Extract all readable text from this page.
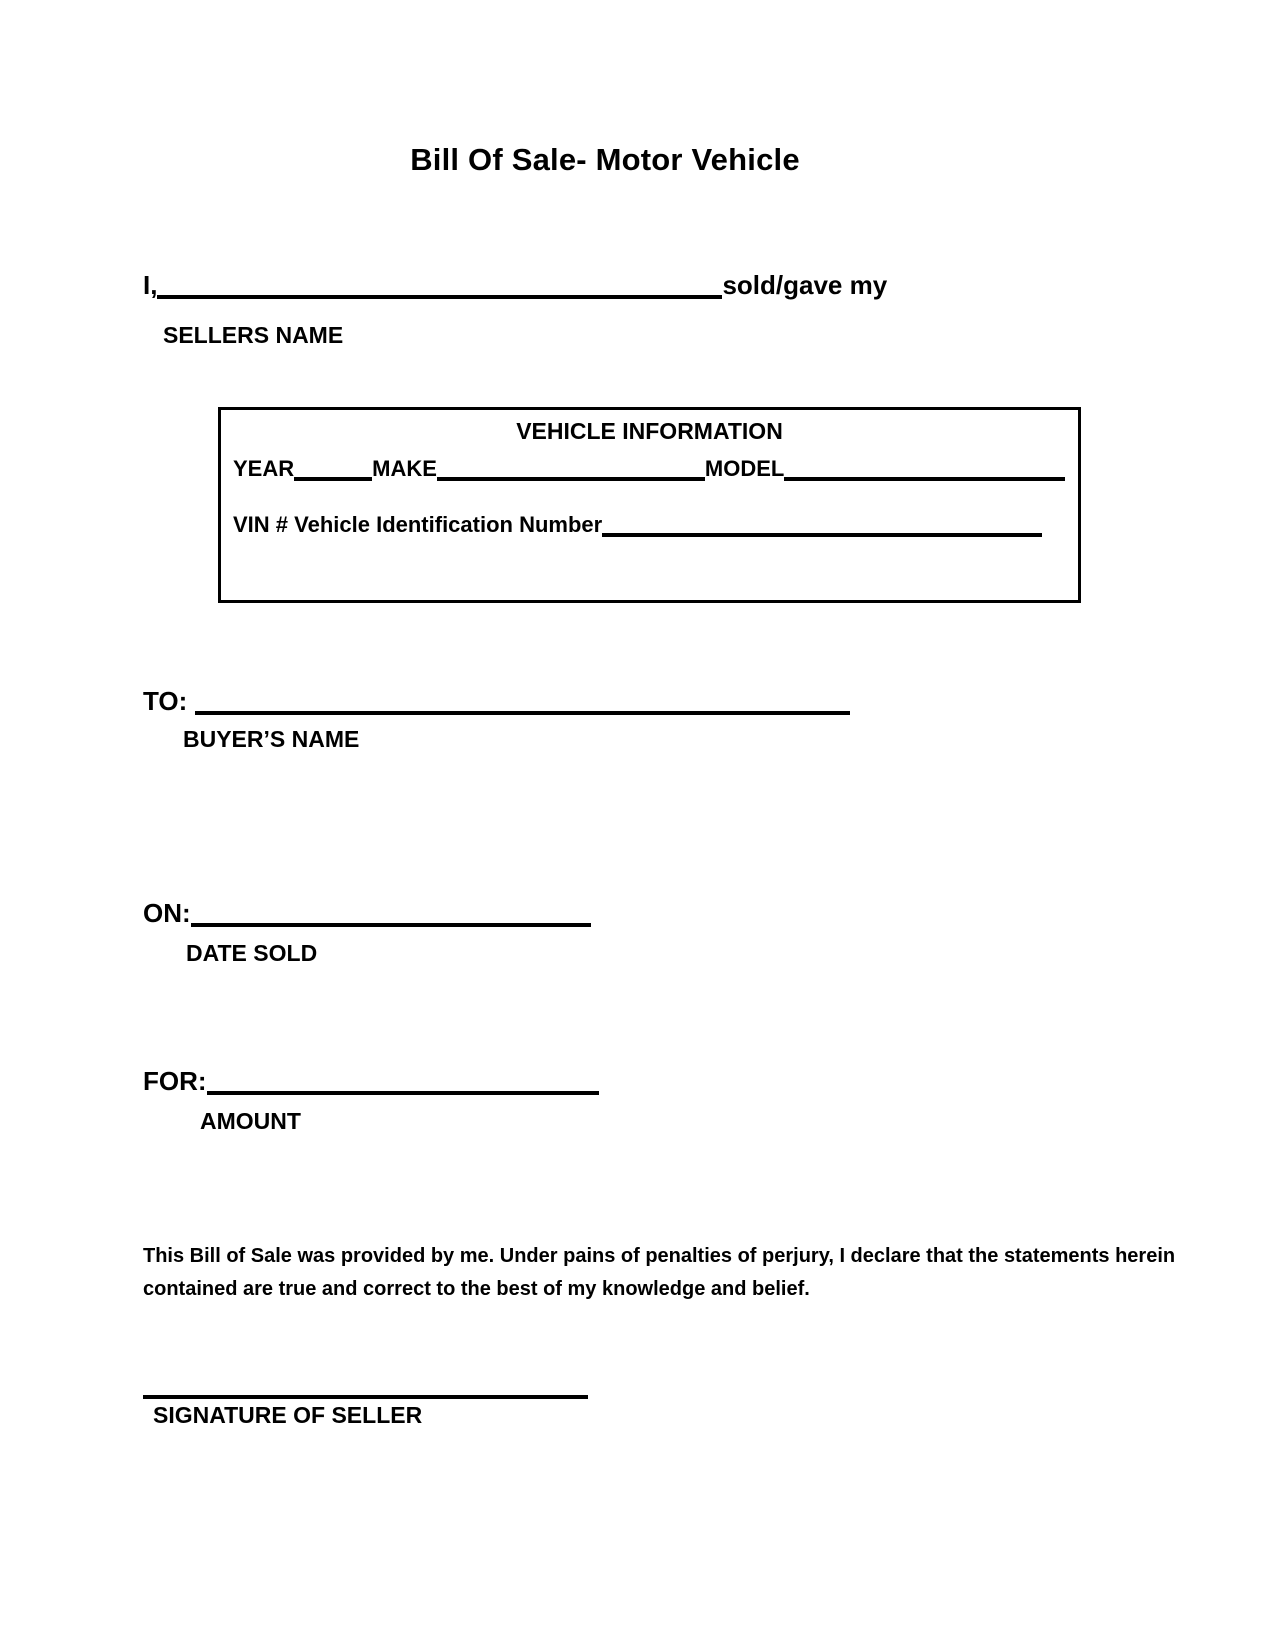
Bill Of Sale- Motor Vehicle
I,	sold/gave my
SELLERS NAME
VEHICLE INFORMATION
YEAR	MAKE	MODEL
VIN # Vehicle Identification Number
TO:
BUYER’S NAME
ON:
DATE SOLD
FOR:
AMOUNT
This Bill of Sale was provided by me. Under pains of penalties of perjury, I declare that the statements herein contained are true and correct to the best of my knowledge and belief.
SIGNATURE OF SELLER
